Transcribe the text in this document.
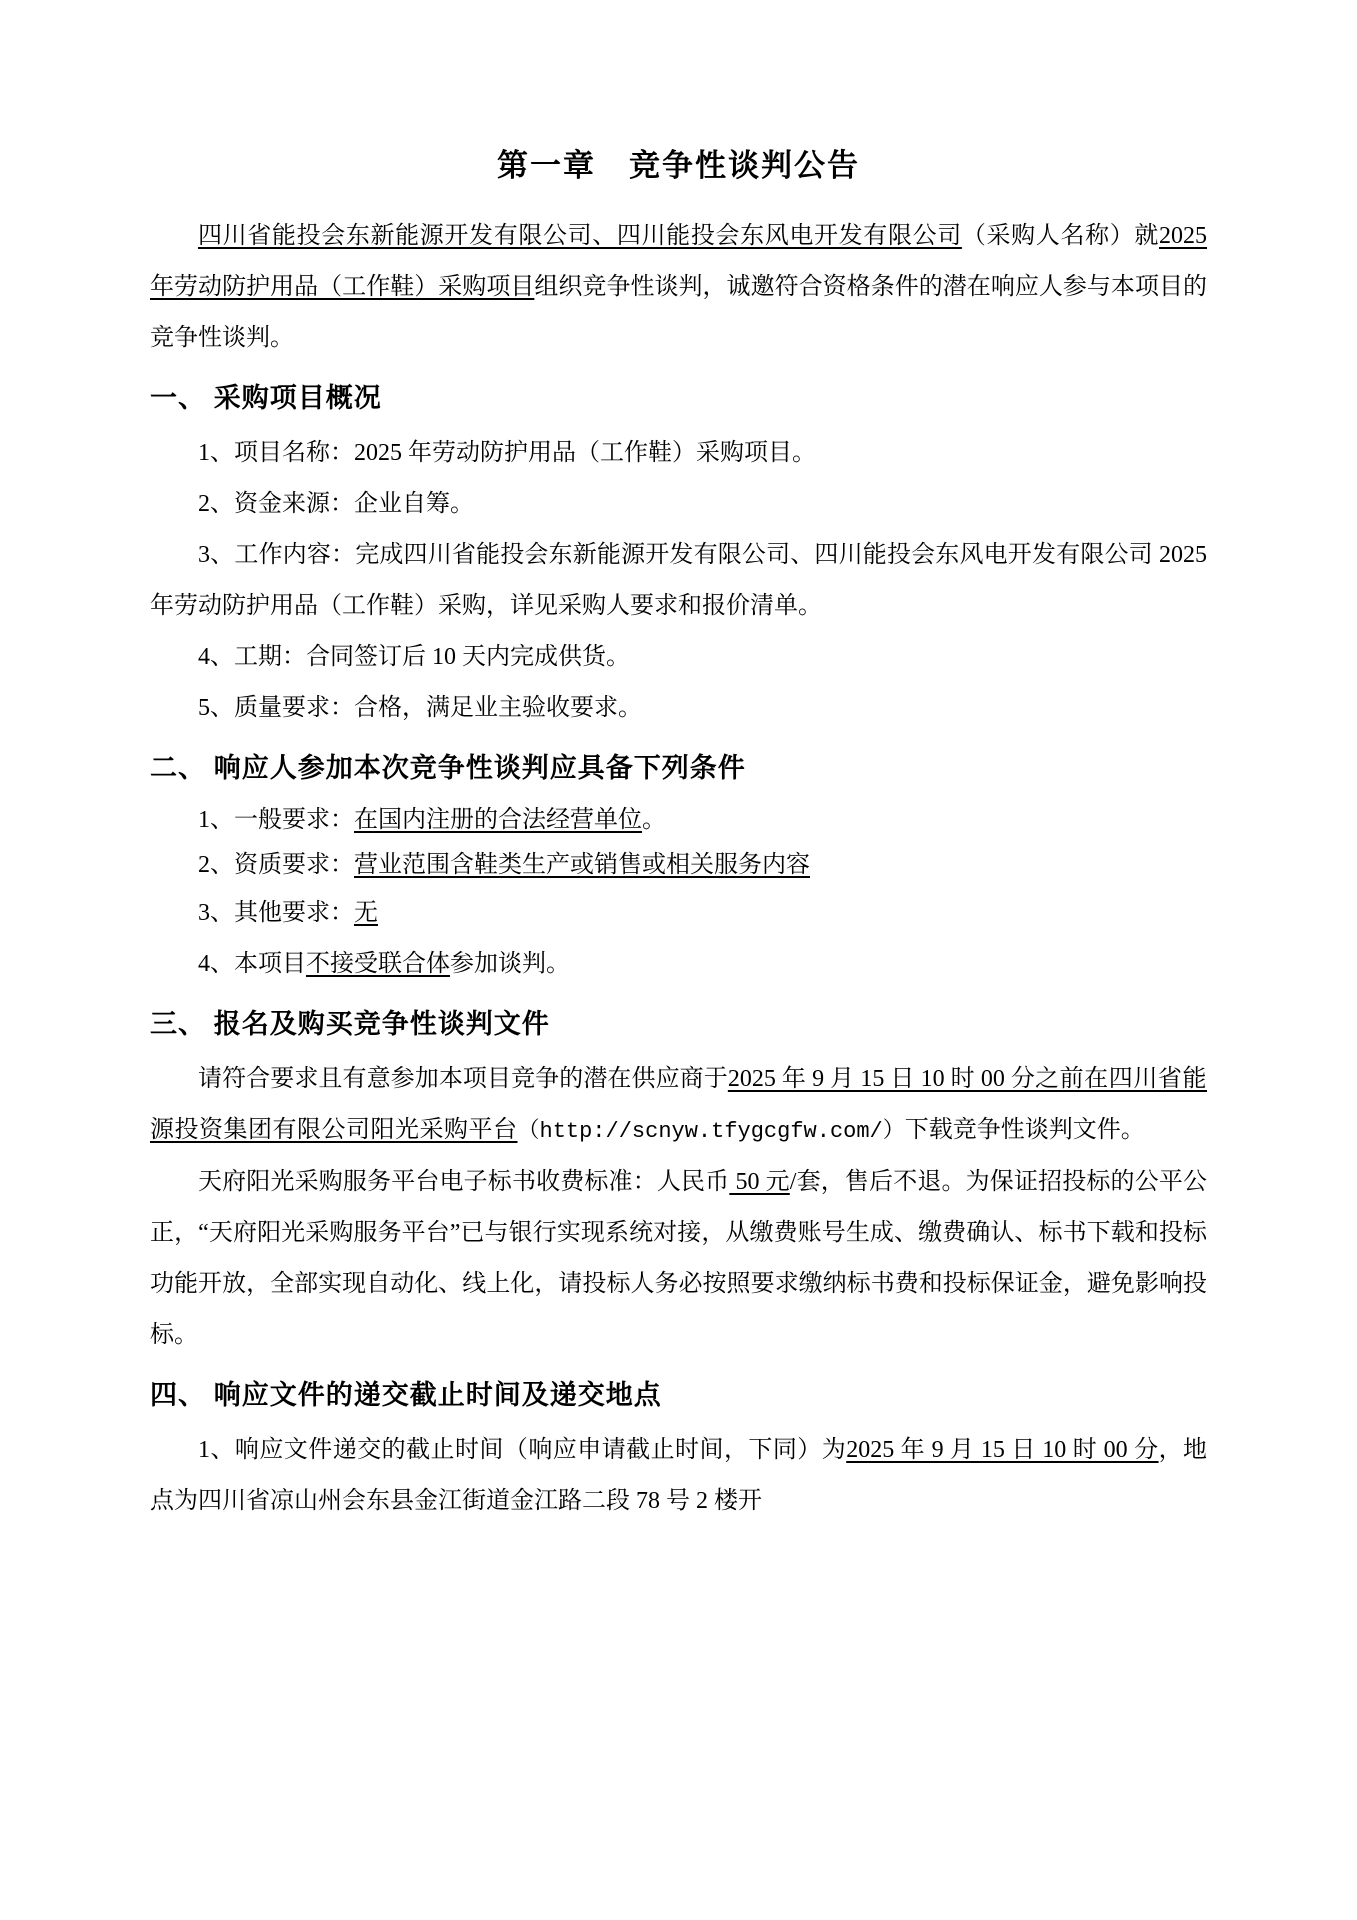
第一章　竞争性谈判公告

四川省能投会东新能源开发有限公司、四川能投会东风电开发有限公司（采购人名称）就2025 年劳动防护用品（工作鞋）采购项目组织竞争性谈判，诚邀符合资格条件的潜在响应人参与本项目的竞争性谈判。

一、 采购项目概况

1、项目名称：2025 年劳动防护用品（工作鞋）采购项目。

2、资金来源：企业自筹。

3、工作内容：完成四川省能投会东新能源开发有限公司、四川能投会东风电开发有限公司 2025 年劳动防护用品（工作鞋）采购，详见采购人要求和报价清单。

4、工期：合同签订后 10 天内完成供货。

5、质量要求：合格，满足业主验收要求。

二、 响应人参加本次竞争性谈判应具备下列条件

1、一般要求：在国内注册的合法经营单位。

2、资质要求：营业范围含鞋类生产或销售或相关服务内容

3、其他要求：无

4、本项目不接受联合体参加谈判。

三、 报名及购买竞争性谈判文件

请符合要求且有意参加本项目竞争的潜在供应商于2025 年 9 月 15 日 10 时 00 分之前在四川省能源投资集团有限公司阳光采购平台（http://scnyw.tfygcgfw.com/）下载竞争性谈判文件。

天府阳光采购服务平台电子标书收费标准：人民币 50 元/套，售后不退。为保证招投标的公平公正，“天府阳光采购服务平台”已与银行实现系统对接，从缴费账号生成、缴费确认、标书下载和投标功能开放，全部实现自动化、线上化，请投标人务必按照要求缴纳标书费和投标保证金，避免影响投标。

四、 响应文件的递交截止时间及递交地点

1、响应文件递交的截止时间（响应申请截止时间，下同）为2025 年 9 月 15 日 10 时 00 分，地点为四川省凉山州会东县金江街道金江路二段 78 号 2 楼开
